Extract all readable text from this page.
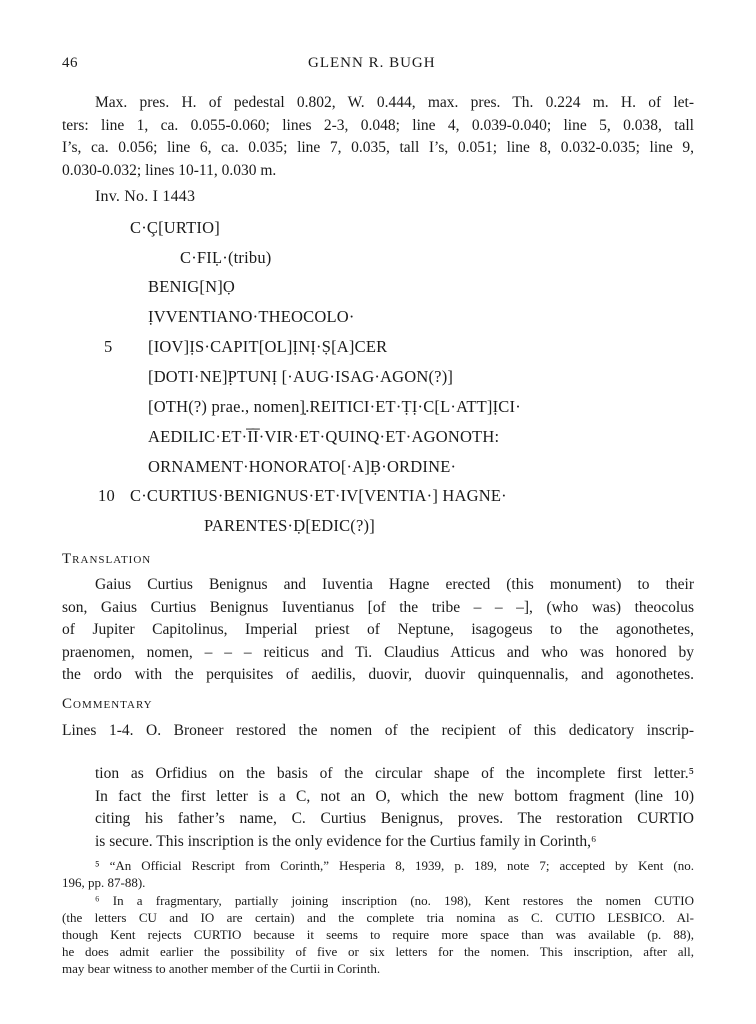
46	GLENN R. BUGH
Max. pres. H. of pedestal 0.802, W. 0.444, max. pres. Th. 0.224 m. H. of let-
ters: line 1, ca. 0.055-0.060; lines 2-3, 0.048; line 4, 0.039-0.040; line 5, 0.038, tall
I’s, ca. 0.056; line 6, ca. 0.035; line 7, 0.035, tall I’s, 0.051; line 8, 0.032-0.035; line 9,
0.030-0.032; lines 10-11, 0.030 m.
Inv. No. I 1443
C·Ç[URTIO]
C·FIḶ·(tribu)
BENIG[N]Ọ
ỊVVENTIANO·THEOCOLO·
5 [IOV]ỊS·CAPIT[OL]ỊNỊ·Ṣ[A]CER
[DOTI·NE]P̣TUNỊ [·AUG·ISAG·AGON(?)]
[OTH(?) prae., nomen]̣.REITICI·ET·ṬỊ·C[L·ATT]ỊCI·
AEDILIC·ET·I̅I̅·VIR·ET·QUINQ·ET·AGONOTH:
ORNAMENT·HONORATO[·A]Ḅ·ORDINE·
10 C·CURTIUS·BENIGNUS·ET·IV[VENTIA·] HAGNE·
PARENTES·Ḍ[EDIC(?)]
Translation
Gaius Curtius Benignus and Iuventia Hagne erected (this monument) to their
son, Gaius Curtius Benignus Iuventianus [of the tribe – – –], (who was) theocolus
of Jupiter Capitolinus, Imperial priest of Neptune, isagogeus to the agonothetes,
praenomen, nomen, – – – reiticus and Ti. Claudius Atticus and who was honored by
the ordo with the perquisites of aedilis, duovir, duovir quinquennalis, and agonothetes.
Commentary
Lines 1-4. O. Broneer restored the nomen of the recipient of this dedicatory inscrip-
tion as Orfidius on the basis of the circular shape of the incomplete first letter.⁵
In fact the first letter is a C, not an O, which the new bottom fragment (line 10)
citing his father’s name, C. Curtius Benignus, proves. The restoration CURTIO
is secure. This inscription is the only evidence for the Curtius family in Corinth,⁶
⁵ “An Official Rescript from Corinth,” Hesperia 8, 1939, p. 189, note 7; accepted by Kent (no.
196, pp. 87-88).
⁶ In a fragmentary, partially joining inscription (no. 198), Kent restores the nomen CUTIO
(the letters CU and IO are certain) and the complete tria nomina as C. CUTIO LESBICO. Al-
though Kent rejects CURTIO because it seems to require more space than was available (p. 88),
he does admit earlier the possibility of five or six letters for the nomen. This inscription, after all,
may bear witness to another member of the Curtii in Corinth.
